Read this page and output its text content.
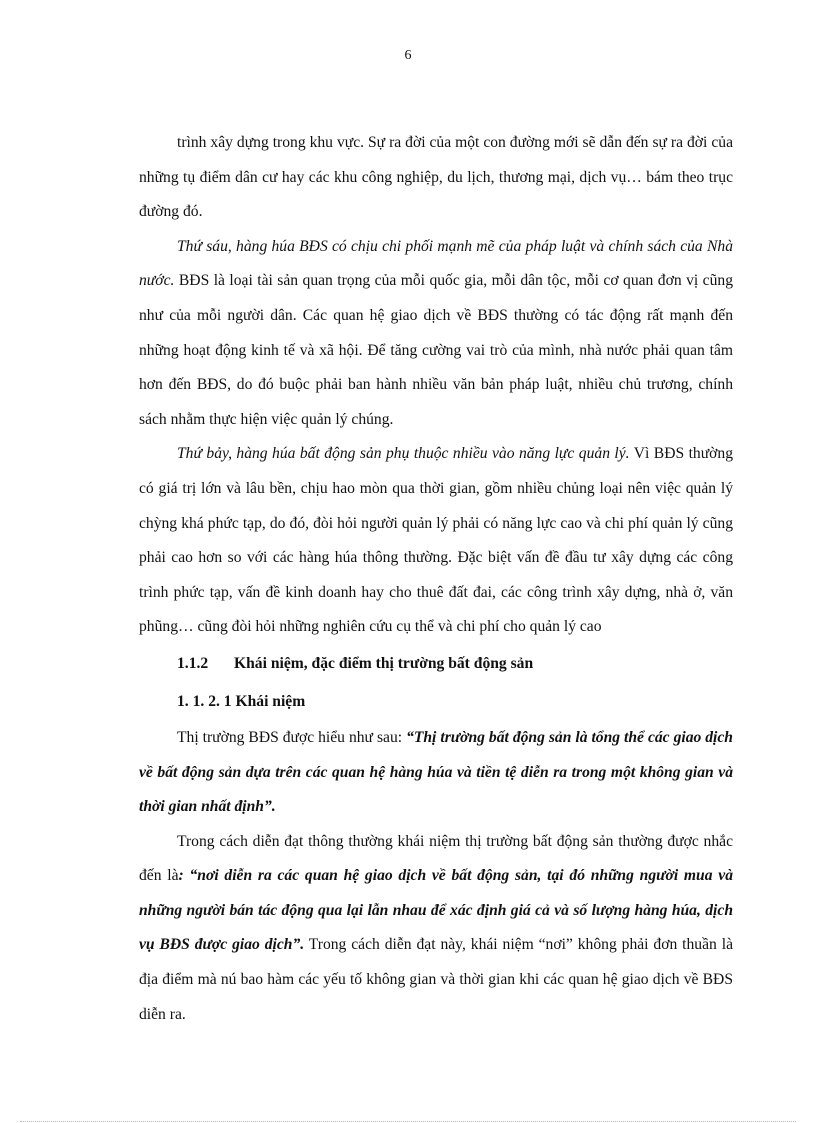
6

trình xây dựng trong khu vực. Sự ra đời của một con đường mới sẽ dẫn đến sự ra đời của những tụ điểm dân cư hay các khu công nghiệp, du lịch, thương mại, dịch vụ… bám theo trục đường đó.

Thứ sáu, hàng húa BĐS có chịu chi phối mạnh mẽ của pháp luật và chính sách của Nhà nước. BĐS là loại tài sản quan trọng của mỗi quốc gia, mỗi dân tộc, mỗi cơ quan đơn vị cũng như của mỗi người dân. Các quan hệ giao dịch về BĐS thường có tác động rất mạnh đến những hoạt động kinh tế và xã hội. Để tăng cường vai trò của mình, nhà nước phải quan tâm hơn đến BĐS, do đó buộc phải ban hành nhiều văn bản pháp luật, nhiều chủ trương, chính sách nhằm thực hiện việc quản lý chúng.

Thứ bảy, hàng húa bất động sản phụ thuộc nhiều vào năng lực quản lý. Vì BĐS thường có giá trị lớn và lâu bền, chịu hao mòn qua thời gian, gồm nhiều chủng loại nên việc quản lý chỳng khá phức tạp, do đó, đòi hỏi người quản lý phải có năng lực cao và chi phí quản lý cũng phải cao hơn so với các hàng húa thông thường. Đặc biệt vấn đề đầu tư xây dựng các công trình phức tạp, vấn đề kinh doanh hay cho thuê đất đai, các công trình xây dựng, nhà ở, văn phũng… cũng đòi hỏi những nghiên cứu cụ thể và chi phí cho quản lý cao

1.1.2 Khái niệm, đặc điểm thị trường bất động sản
1. 1. 2. 1 Khái niệm

Thị trường BĐS được hiểu như sau: “Thị trường bất động sản là tổng thể các giao dịch về bất động sản dựa trên các quan hệ hàng húa và tiền tệ diễn ra trong một không gian và thời gian nhất định”.

Trong cách diễn đạt thông thường khái niệm thị trường bất động sản thường được nhắc đến là: “nơi diễn ra các quan hệ giao dịch về bất động sản, tại đó những người mua và những người bán tác động qua lại lẫn nhau để xác định giá cả và số lượng hàng húa, dịch vụ BĐS được giao dịch”. Trong cách diễn đạt này, khái niệm “nơi” không phải đơn thuần là địa điểm mà nú bao hàm các yếu tố không gian và thời gian khi các quan hệ giao dịch về BĐS diễn ra.
